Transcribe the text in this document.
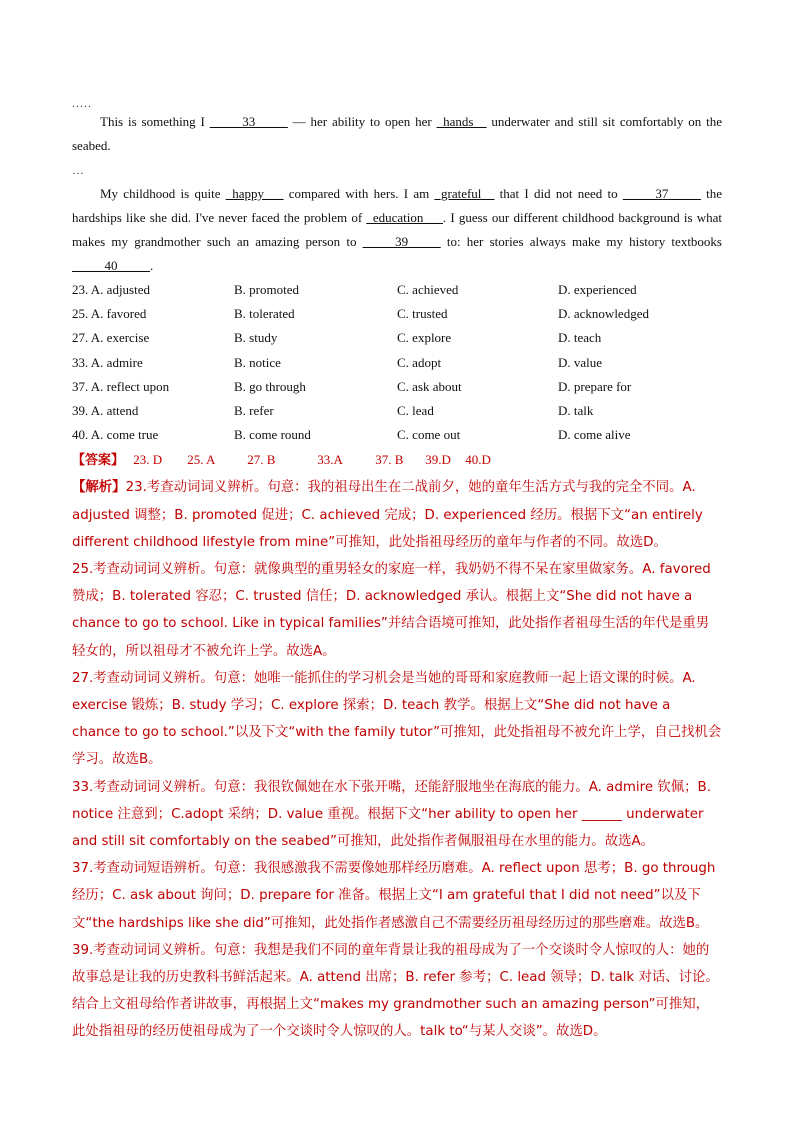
.....

This is something I _____33_____ — her ability to open her _hands__ underwater and still sit comfortably on the seabed.

…

My childhood is quite _happy___ compared with hers. I am _grateful__ that I did not need to _____37_____ the hardships like she did. I've never faced the problem of _education___. I guess our different childhood background is what makes my grandmother such an amazing person to _____39_____ to: her stories always make my history textbooks _____40_____.

23. A. adjusted	B. promoted	C. achieved	D. experienced
25. A. favored	B. tolerated	C. trusted	D. acknowledged
27. A. exercise	B. study	C. explore	D. teach
33. A. admire	B. notice	C. adopt	D. value
37. A. reflect upon	B. go through	C. ask about	D. prepare for
39. A. attend	B. refer	C. lead	D. talk
40. A. come true	B. come round	C. come out	D. come alive
【答案】 23. D 25. A 27. B	33.A 37. B 39.D 40.D

【解析】23.考查动词词义辨析。句意：我的祖母出生在二战前夕，她的童年生活方式与我的完全不同。A. adjusted 调整；B. promoted 促进；C. achieved 完成；D. experienced 经历。根据下文“an entirely different childhood lifestyle from mine”可推知，此处指祖母经历的童年与作者的不同。故选D。

25.考查动词词义辨析。句意：就像典型的重男轻女的家庭一样，我奶奶不得不呆在家里做家务。A. favored 赞成；B. tolerated 容忍；C. trusted 信任；D. acknowledged 承认。根据上文“She did not have a chance to go to school. Like in typical families”并结合语境可推知，此处指作者祖母生活的年代是重男轻女的，所以祖母才不被允许上学。故选A。

27.考查动词词义辨析。句意：她唯一能抓住的学习机会是当她的哥哥和家庭教师一起上语文课的时候。A. exercise 锻炼；B. study 学习；C. explore 探索；D. teach 教学。根据上文“She did not have a chance to go to school.”以及下文“with the family tutor”可推知，此处指祖母不被允许上学，自己找机会学习。故选B。

33.考查动词词义辨析。句意：我很钦佩她在水下张开嘴，还能舒服地坐在海底的能力。A. admire 钦佩；B. notice 注意到；C.adopt 采纳；D. value 重视。根据下文“her ability to open her ______ underwater and still sit comfortably on the seabed”可推知，此处指作者佩服祖母在水里的能力。故选A。

37.考查动词短语辨析。句意：我很感激我不需要像她那样经历磨难。A. reflect upon 思考；B. go through 经历；C. ask about 询问；D. prepare for 准备。根据上文“I am grateful that I did not need”以及下文“the hardships like she did”可推知，此处指作者感激自己不需要经历祖母经历过的那些磨难。故选B。

39.考查动词词义辨析。句意：我想是我们不同的童年背景让我的祖母成为了一个交谈时令人惊叹的人：她的故事总是让我的历史教科书鲜活起来。A. attend 出席；B. refer 参考；C. lead 领导；D. talk 对话、讨论。结合上文祖母给作者讲故事，再根据上文“makes my grandmother such an amazing person”可推知，此处指祖母的经历使祖母成为了一个交谈时令人惊叹的人。talk to“与某人交谈”。故选D。
